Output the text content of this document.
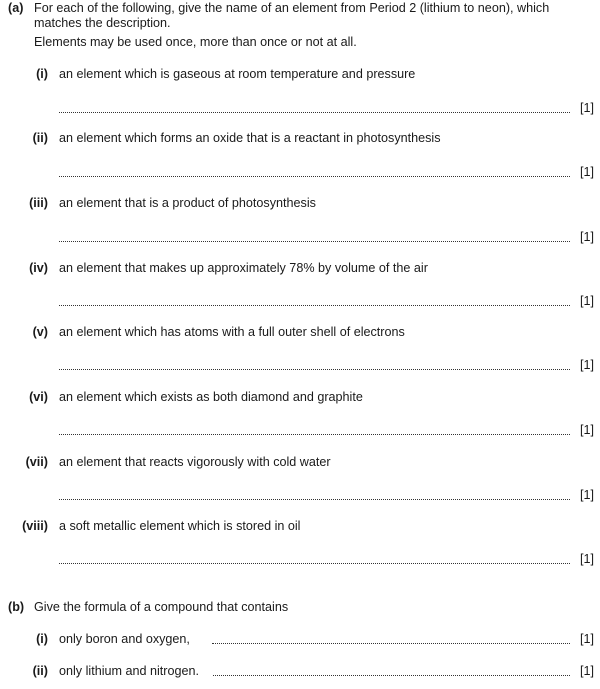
(a) For each of the following, give the name of an element from Period 2 (lithium to neon), which
matches the description.
Elements may be used once, more than once or not at all.
(i) an element which is gaseous at room temperature and pressure
[1]
(ii) an element which forms an oxide that is a reactant in photosynthesis
[1]
(iii) an element that is a product of photosynthesis
[1]
(iv) an element that makes up approximately 78% by volume of the air
[1]
(v) an element which has atoms with a full outer shell of electrons
[1]
(vi) an element which exists as both diamond and graphite
[1]
(vii) an element that reacts vigorously with cold water
[1]
(viii) a soft metallic element which is stored in oil
[1]
(b) Give the formula of a compound that contains
(i) only boron and oxygen,	[1]
(ii) only lithium and nitrogen.	[1]
